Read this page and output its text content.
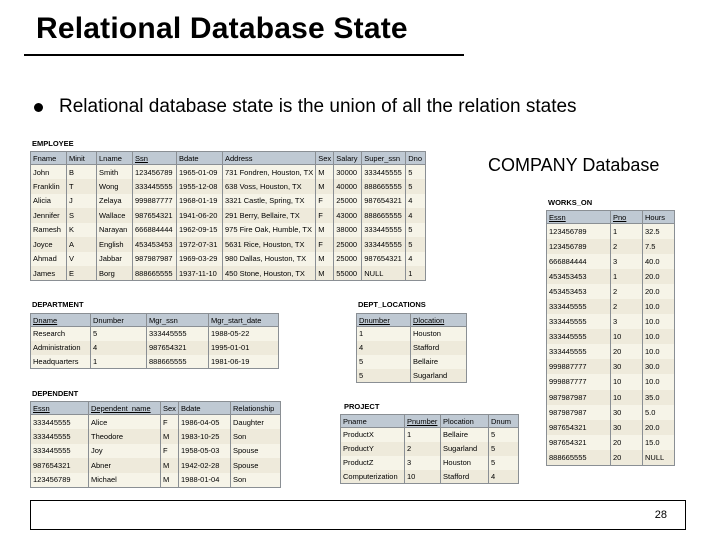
Relational Database State
Relational database state is the union of all the relation states
COMPANY Database
EMPLOYEE
Fname	Minit	Lname	Ssn	Bdate	Address	Sex	Salary	Super_ssn	Dno
John	B	Smith	123456789	1965-01-09	731 Fondren, Houston, TX	M	30000	333445555	5
Franklin	T	Wong	333445555	1955-12-08	638 Voss, Houston, TX	M	40000	888665555	5
Alicia	J	Zelaya	999887777	1968-01-19	3321 Castle, Spring, TX	F	25000	987654321	4
Jennifer	S	Wallace	987654321	1941-06-20	291 Berry, Bellaire, TX	F	43000	888665555	4
Ramesh	K	Narayan	666884444	1962-09-15	975 Fire Oak, Humble, TX	M	38000	333445555	5
Joyce	A	English	453453453	1972-07-31	5631 Rice, Houston, TX	F	25000	333445555	5
Ahmad	V	Jabbar	987987987	1969-03-29	980 Dallas, Houston, TX	M	25000	987654321	4
James	E	Borg	888665555	1937-11-10	450 Stone, Houston, TX	M	55000	NULL	1
DEPARTMENT
Dname	Dnumber	Mgr_ssn	Mgr_start_date
Research	5	333445555	1988-05-22
Administration	4	987654321	1995-01-01
Headquarters	1	888665555	1981-06-19
DEPT_LOCATIONS
Dnumber	Dlocation
1	Houston
4	Stafford
5	Bellaire
5	Sugarland
DEPENDENT
Essn	Dependent_name	Sex	Bdate	Relationship
333445555	Alice	F	1986-04-05	Daughter
333445555	Theodore	M	1983-10-25	Son
333445555	Joy	F	1958-05-03	Spouse
987654321	Abner	M	1942-02-28	Spouse
123456789	Michael	M	1988-01-04	Son
PROJECT
Pname	Pnumber	Plocation	Dnum
ProductX	1	Bellaire	5
ProductY	2	Sugarland	5
ProductZ	3	Houston	5
Computerization	10	Stafford	4
WORKS_ON
Essn	Pno	Hours
123456789	1	32.5
123456789	2	7.5
666884444	3	40.0
453453453	1	20.0
453453453	2	20.0
333445555	2	10.0
333445555	3	10.0
333445555	10	10.0
333445555	20	10.0
999887777	30	30.0
999887777	10	10.0
987987987	10	35.0
987987987	30	5.0
987654321	30	20.0
987654321	20	15.0
888665555	20	NULL
28
